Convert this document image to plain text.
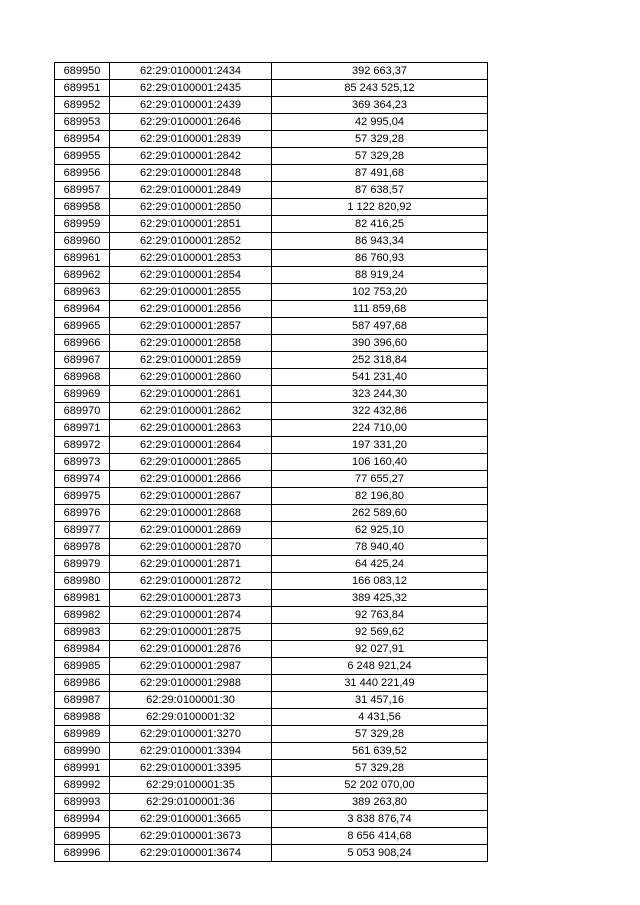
689950	62:29:0100001:2434	392 663,37
689951	62:29:0100001:2435	85 243 525,12
689952	62:29:0100001:2439	369 364,23
689953	62:29:0100001:2646	42 995,04
689954	62:29:0100001:2839	57 329,28
689955	62:29:0100001:2842	57 329,28
689956	62:29:0100001:2848	87 491,68
689957	62:29:0100001:2849	87 638,57
689958	62:29:0100001:2850	1 122 820,92
689959	62:29:0100001:2851	82 416,25
689960	62:29:0100001:2852	86 943,34
689961	62:29:0100001:2853	86 760,93
689962	62:29:0100001:2854	88 919,24
689963	62:29:0100001:2855	102 753,20
689964	62:29:0100001:2856	111 859,68
689965	62:29:0100001:2857	587 497,68
689966	62:29:0100001:2858	390 396,60
689967	62:29:0100001:2859	252 318,84
689968	62:29:0100001:2860	541 231,40
689969	62:29:0100001:2861	323 244,30
689970	62:29:0100001:2862	322 432,86
689971	62:29:0100001:2863	224 710,00
689972	62:29:0100001:2864	197 331,20
689973	62:29:0100001:2865	106 160,40
689974	62:29:0100001:2866	77 655,27
689975	62:29:0100001:2867	82 196,80
689976	62:29:0100001:2868	262 589,60
689977	62:29:0100001:2869	62 925,10
689978	62:29:0100001:2870	78 940,40
689979	62:29:0100001:2871	64 425,24
689980	62:29:0100001:2872	166 083,12
689981	62:29:0100001:2873	389 425,32
689982	62:29:0100001:2874	92 763,84
689983	62:29:0100001:2875	92 569,62
689984	62:29:0100001:2876	92 027,91
689985	62:29:0100001:2987	6 248 921,24
689986	62:29:0100001:2988	31 440 221,49
689987	62:29:0100001:30	31 457,16
689988	62:29:0100001:32	4 431,56
689989	62:29:0100001:3270	57 329,28
689990	62:29:0100001:3394	561 639,52
689991	62:29:0100001:3395	57 329,28
689992	62:29:0100001:35	52 202 070,00
689993	62:29:0100001:36	389 263,80
689994	62:29:0100001:3665	3 838 876,74
689995	62:29:0100001:3673	8 656 414,68
689996	62:29:0100001:3674	5 053 908,24
